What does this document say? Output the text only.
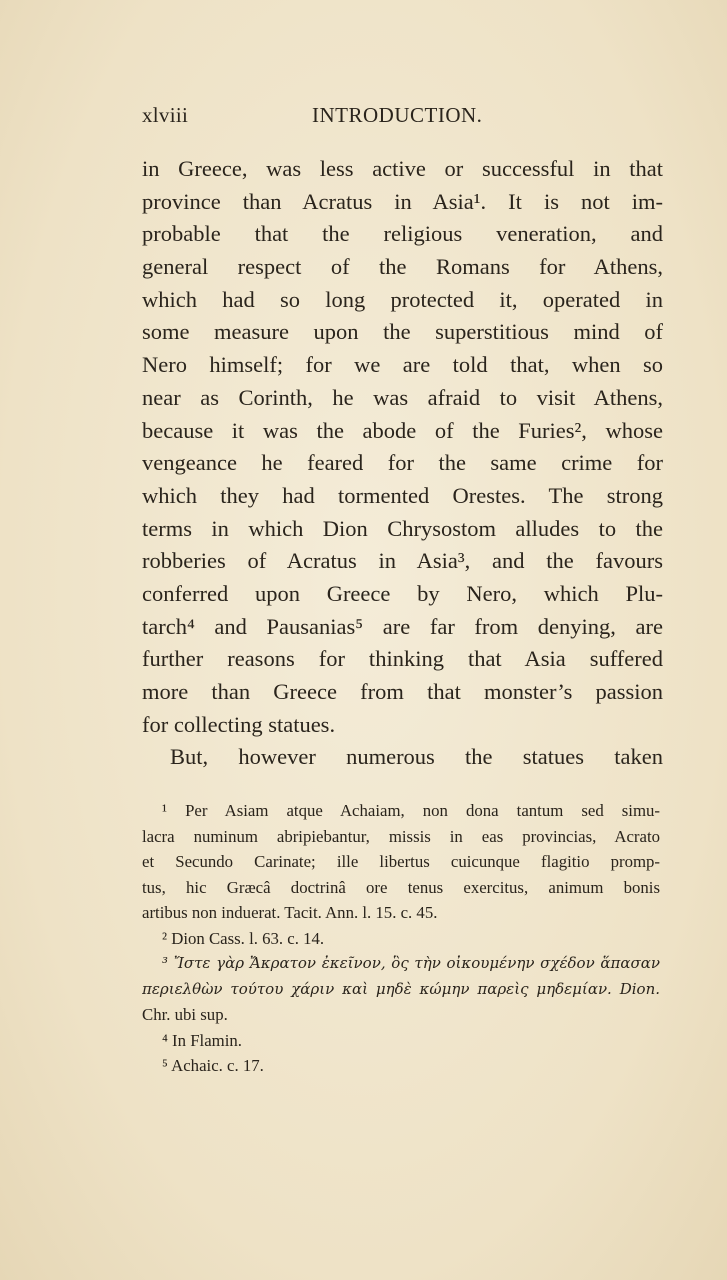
xlviii	INTRODUCTION.
in Greece, was less active or successful in that
province than Acratus in Asia¹. It is not im-
probable that the religious veneration, and
general respect of the Romans for Athens,
which had so long protected it, operated in
some measure upon the superstitious mind of
Nero himself; for we are told that, when so
near as Corinth, he was afraid to visit Athens,
because it was the abode of the Furies², whose
vengeance he feared for the same crime for
which they had tormented Orestes. The strong
terms in which Dion Chrysostom alludes to the
robberies of Acratus in Asia³, and the favours
conferred upon Greece by Nero, which Plu-
tarch⁴ and Pausanias⁵ are far from denying, are
further reasons for thinking that Asia suffered
more than Greece from that monster’s passion
for collecting statues.
But, however numerous the statues taken
¹ Per Asiam atque Achaiam, non dona tantum sed simu-
lacra numinum abripiebantur, missis in eas provincias, Acrato
et Secundo Carinate; ille libertus cuicunque flagitio promp-
tus, hic Græcâ doctrinâ ore tenus exercitus, animum bonis
artibus non induerat. Tacit. Ann. l. 15. c. 45.
² Dion Cass. l. 63. c. 14.
³ Ἴστε γὰρ Ἄκρατον ἐκεῖνον, ὃς τὴν οἰκουμένην σχέδον ἅπασαν
περιελθὼν τούτου χάριν καὶ μηδὲ κώμην παρεὶς μηδεμίαν. Dion.
Chr. ubi sup.
⁴ In Flamin.
⁵ Achaic. c. 17.
